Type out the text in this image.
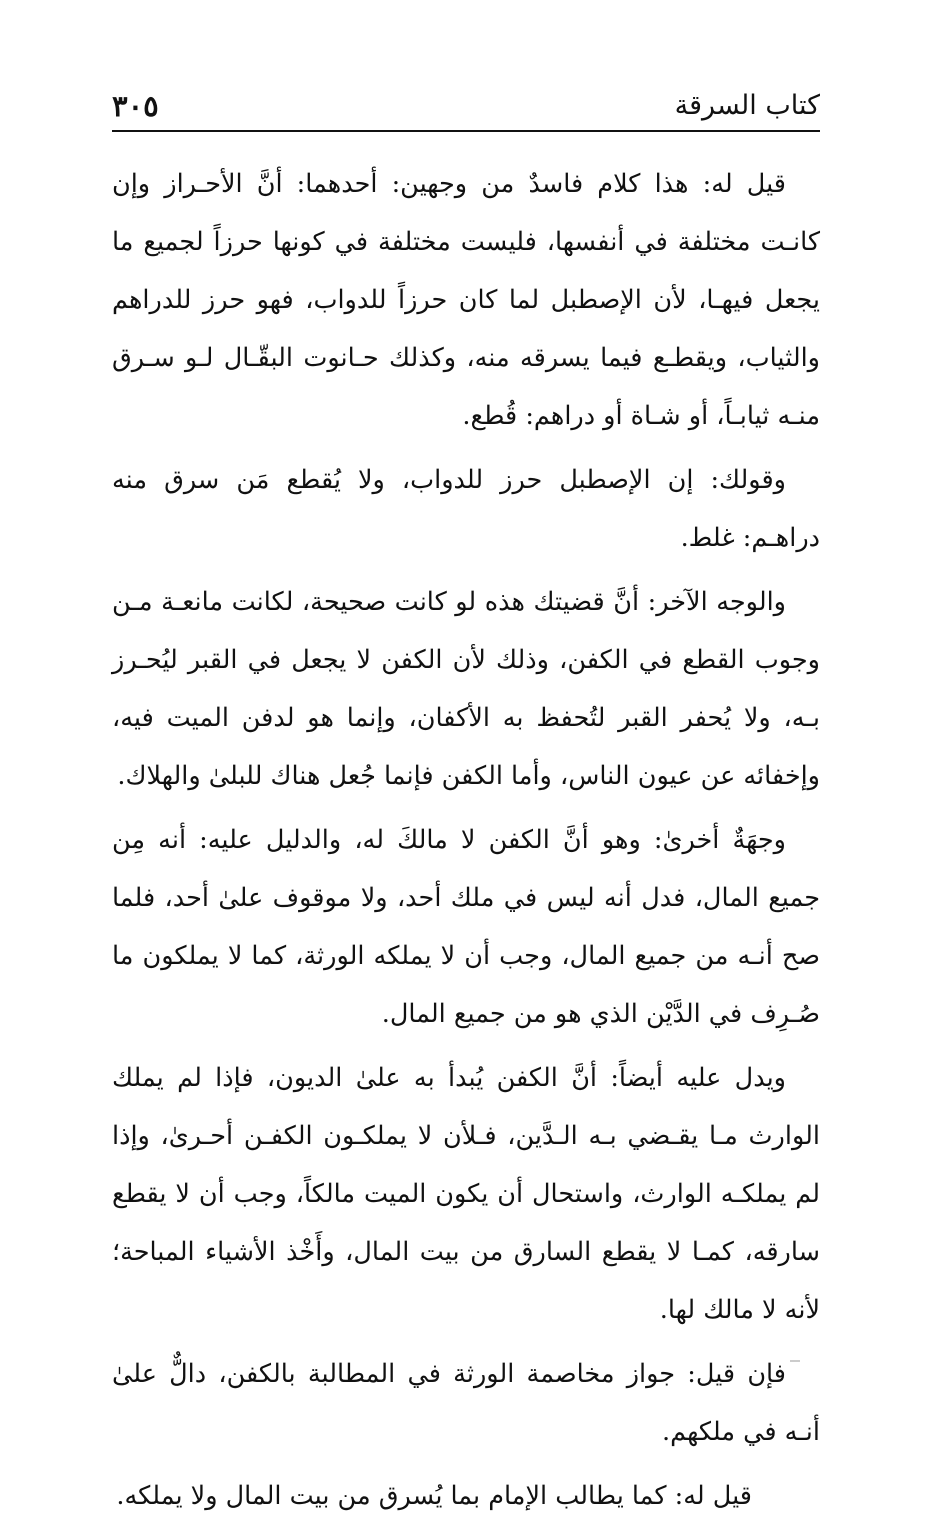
كتاب السرقة
٣٠٥

قيل له: هذا كلام فاسدٌ من وجهين: أحدهما: أنَّ الأحـراز وإن كانـت مختلفة في أنفسها، فليست مختلفة في كونها حرزاً لجميع ما يجعل فيهـا، لأن الإصطبل لما كان حرزاً للدواب، فهو حرز للدراهم والثياب، ويقطـع فيما يسرقه منه، وكذلك حـانوت البقّـال لـو سـرق منـه ثيابـاً، أو شـاة أو دراهم: قُطع.

وقولك: إن الإصطبل حرز للدواب، ولا يُقطع مَن سرق منه دراهـم: غلط.

والوجه الآخر: أنَّ قضيتك هذه لو كانت صحيحة، لكانت مانعـة مـن وجوب القطع في الكفن، وذلك لأن الكفن لا يجعل في القبر ليُحـرز بـه، ولا يُحفر القبر لتُحفظ به الأكفان، وإنما هو لدفن الميت فيه، وإخفائه عن عيون الناس، وأما الكفن فإنما جُعل هناك للبلىٰ والهلاك.

وجهَةٌ أخرىٰ: وهو أنَّ الكفن لا مالكَ له، والدليل عليه: أنه مِن جميع المال، فدل أنه ليس في ملك أحد، ولا موقوف علىٰ أحد، فلما صح أنـه من جميع المال، وجب أن لا يملكه الورثة، كما لا يملكون ما صُـرِف في الدَّيْن الذي هو من جميع المال.

ويدل عليه أيضاً: أنَّ الكفن يُبدأ به علىٰ الديون، فإذا لم يملك الوارث مـا يقـضي بـه الـدَّين، فـلأن لا يملكـون الكفـن أحـرىٰ، وإذا لم يملكـه الوارث، واستحال أن يكون الميت مالكاً، وجب أن لا يقطع سارقه، كمـا لا يقطع السارق من بيت المال، وأَخْذ الأشياء المباحة؛ لأنه لا مالك لها.

فإن قيل: جواز مخاصمة الورثة في المطالبة بالكفن، دالٌّ علىٰ أنـه في ملكهم.

قيل له: كما يطالب الإمام بما يُسرق من بيت المال ولا يملكه.
